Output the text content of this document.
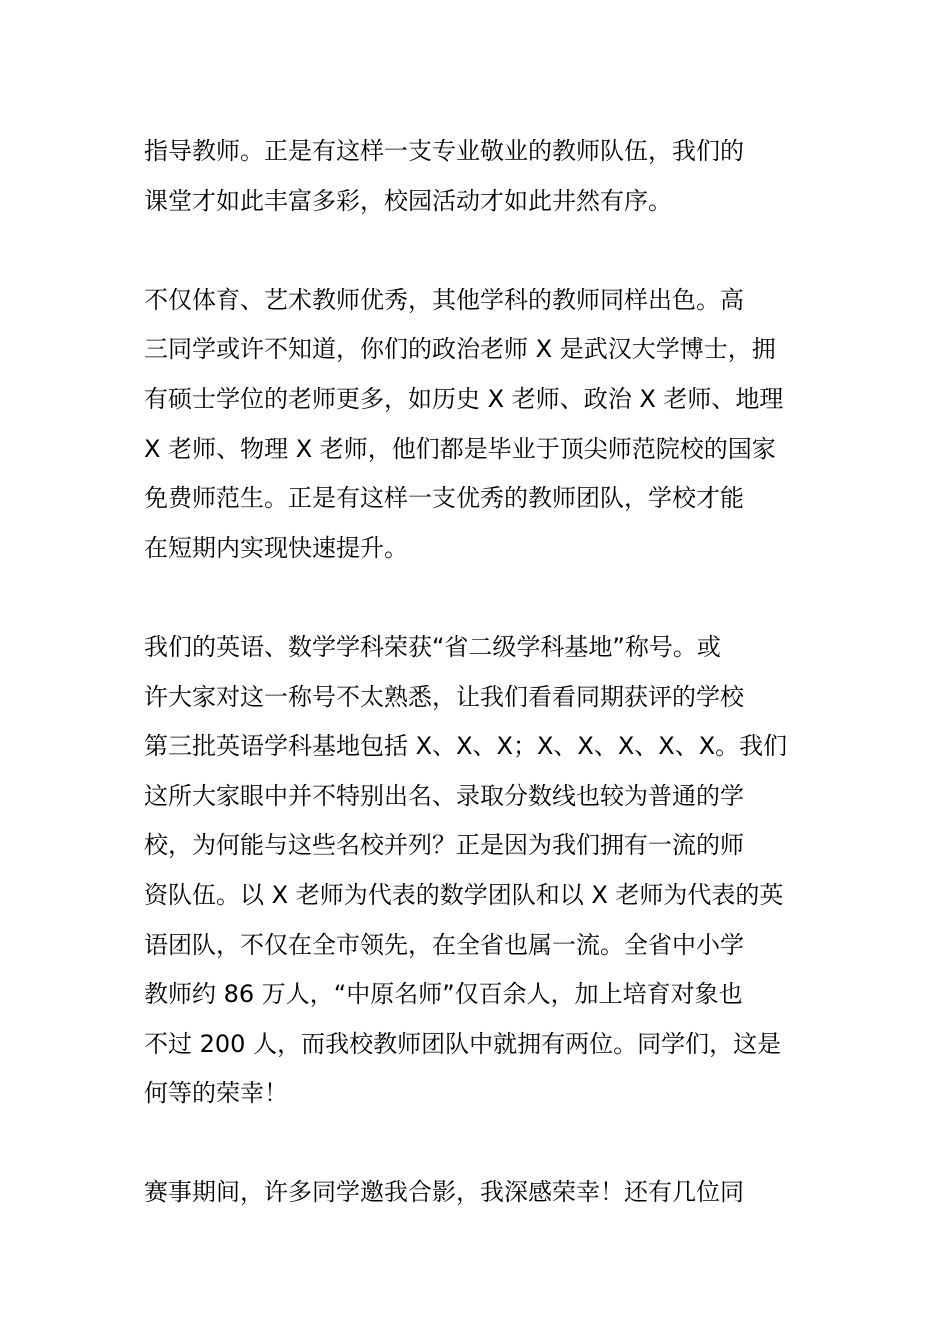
指导教师。正是有这样一支专业敬业的教师队伍，我们的
课堂才如此丰富多彩，校园活动才如此井然有序。
不仅体育、艺术教师优秀，其他学科的教师同样出色。高
三同学或许不知道，你们的政治老师 X 是武汉大学博士，拥
有硕士学位的老师更多，如历史 X 老师、政治 X 老师、地理
X 老师、物理 X 老师，他们都是毕业于顶尖师范院校的国家
免费师范生。正是有这样一支优秀的教师团队，学校才能
在短期内实现快速提升。
我们的英语、数学学科荣获“省二级学科基地”称号。或
许大家对这一称号不太熟悉，让我们看看同期获评的学校
第三批英语学科基地包括 X、X、X；X、X、X、X、X。我们
这所大家眼中并不特别出名、录取分数线也较为普通的学
校，为何能与这些名校并列？正是因为我们拥有一流的师
资队伍。以 X 老师为代表的数学团队和以 X 老师为代表的英
语团队，不仅在全市领先，在全省也属一流。全省中小学
教师约 86 万人，“中原名师”仅百余人，加上培育对象也
不过 200 人，而我校教师团队中就拥有两位。同学们，这是
何等的荣幸！
赛事期间，许多同学邀我合影，我深感荣幸！还有几位同
